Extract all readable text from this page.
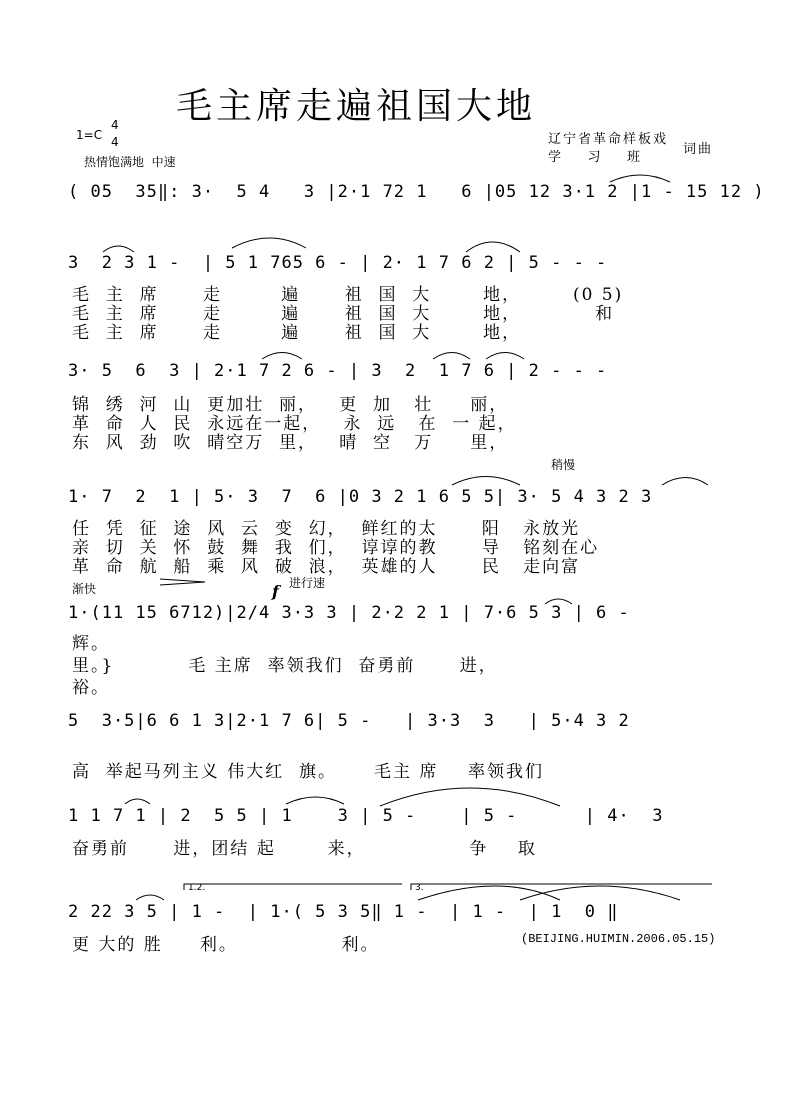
毛主席走遍祖国大地
1=C
4
4
热情饱满地  中速
辽宁省革命样板戏
学    习    班
词曲
稍慢
渐快	f 进行速
1.2.	3.
( 05  35‖: 3·  5 4   3 |2·1 72 1   6 |05 12 3·1 2 |1 - 15 12 )
3  2 3 1 -  | 5 1 765 6 - | 2· 1 7 6 2 | 5 - - -
毛  主  席      走        遍      祖  国  大       地，       (0 5)
毛  主  席      走        遍      祖  国  大       地，          和
毛  主  席      走        遍      祖  国  大       地，
3· 5  6  3 | 2·1 7 2 6 - | 3  2  1 7 6 | 2 - - -
锦  绣  河  山  更加壮  丽，   更  加   壮     丽，
革  命  人  民  永远在一起，   永  远   在  一 起，
东  风  劲  吹  晴空万  里，   晴  空   万     里，
1· 7  2  1 | 5· 3  7  6 |0 3 2 1 6 5 5| 3· 5 4 3 2 3
任  凭  征  途  风  云  变  幻，  鲜红的太      阳   永放光
亲  切  关  怀  鼓  舞  我  们，  谆谆的教      导   铭刻在心
革  命  航  船  乘  风  破  浪，  英雄的人      民   走向富
1·(11 15 6712)|2/4 3·3 3 | 2·2 2 1 | 7·6 5 3 | 6 -
辉。
里。}          毛 主席  率领我们  奋勇前      进，
裕。
5  3·5|6 6 1 3|2·1 7 6| 5 -   | 3·3  3   | 5·4 3 2
高  举起马列主义 伟大红  旗。     毛主 席    率领我们
1 1 7 1 | 2  5 5 | 1    3 | 5 -    | 5 -      | 4·  3
奋勇前      进，团结 起       来，              争    取
2 22 3 5 | 1 -  | 1·( 5 3 5‖ 1 -  | 1 -  | 1  0 ‖
更 大的 胜     利。              利。	(BEIJING.HUIMIN.2006.05.15)
